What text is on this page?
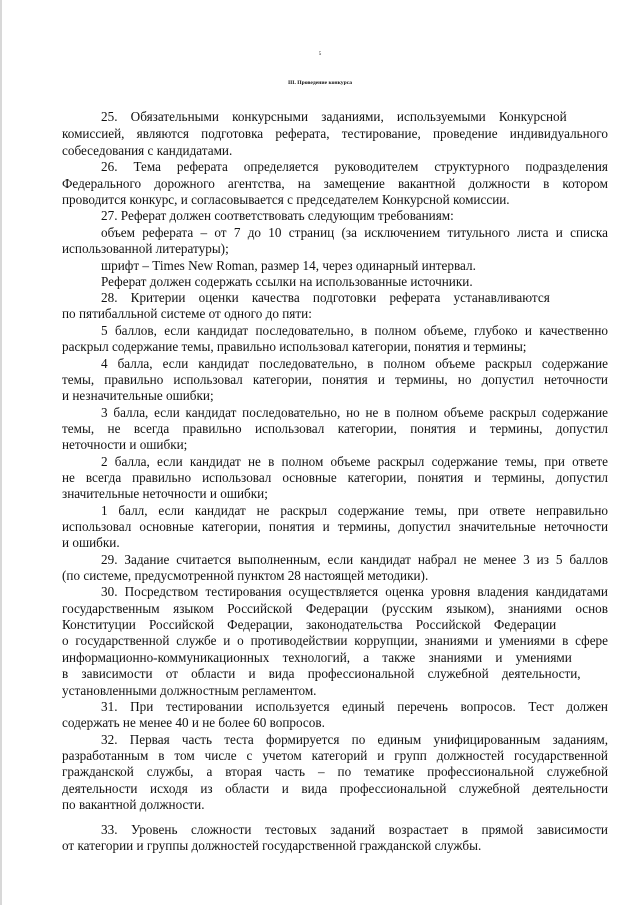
5
III. Проведение конкурса
25. Обязательными конкурсными заданиями, используемыми Конкурсной
комиссией, являются подготовка реферата, тестирование, проведение индивидуального
собеседования с кандидатами.
26. Тема реферата определяется руководителем структурного подразделения
Федерального дорожного агентства, на замещение вакантной должности в котором
проводится конкурс, и согласовывается с председателем Конкурсной комиссии.
27. Реферат должен соответствовать следующим требованиям:
объем реферата – от 7 до 10 страниц (за исключением титульного листа и списка
использованной литературы);
шрифт – Times New Roman, размер 14, через одинарный интервал.
Реферат должен содержать ссылки на использованные источники.
28. Критерии оценки качества подготовки реферата устанавливаются
по пятибалльной системе от одного до пяти:
5 баллов, если кандидат последовательно, в полном объеме, глубоко и качественно
раскрыл содержание темы, правильно использовал категории, понятия и термины;
4 балла, если кандидат последовательно, в полном объеме раскрыл содержание
темы, правильно использовал категории, понятия и термины, но допустил неточности
и незначительные ошибки;
3 балла, если кандидат последовательно, но не в полном объеме раскрыл содержание
темы, не всегда правильно использовал категории, понятия и термины, допустил
неточности и ошибки;
2 балла, если кандидат не в полном объеме раскрыл содержание темы, при ответе
не всегда правильно использовал основные категории, понятия и термины, допустил
значительные неточности и ошибки;
1 балл, если кандидат не раскрыл содержание темы, при ответе неправильно
использовал основные категории, понятия и термины, допустил значительные неточности
и ошибки.
29. Задание считается выполненным, если кандидат набрал не менее 3 из 5 баллов
(по системе, предусмотренной пунктом 28 настоящей методики).
30. Посредством тестирования осуществляется оценка уровня владения кандидатами
государственным языком Российской Федерации (русским языком), знаниями основ
Конституции Российской Федерации, законодательства Российской Федерации
о государственной службе и о противодействии коррупции, знаниями и умениями в сфере
информационно-коммуникационных технологий, а также знаниями и умениями
в зависимости от области и вида профессиональной служебной деятельности,
установленными должностным регламентом.
31. При тестировании используется единый перечень вопросов. Тест должен
содержать не менее 40 и не более 60 вопросов.
32. Первая часть теста формируется по единым унифицированным заданиям,
разработанным в том числе с учетом категорий и групп должностей государственной
гражданской службы, а вторая часть – по тематике профессиональной служебной
деятельности исходя из области и вида профессиональной служебной деятельности
по вакантной должности.
33. Уровень сложности тестовых заданий возрастает в прямой зависимости
от категории и группы должностей государственной гражданской службы.
